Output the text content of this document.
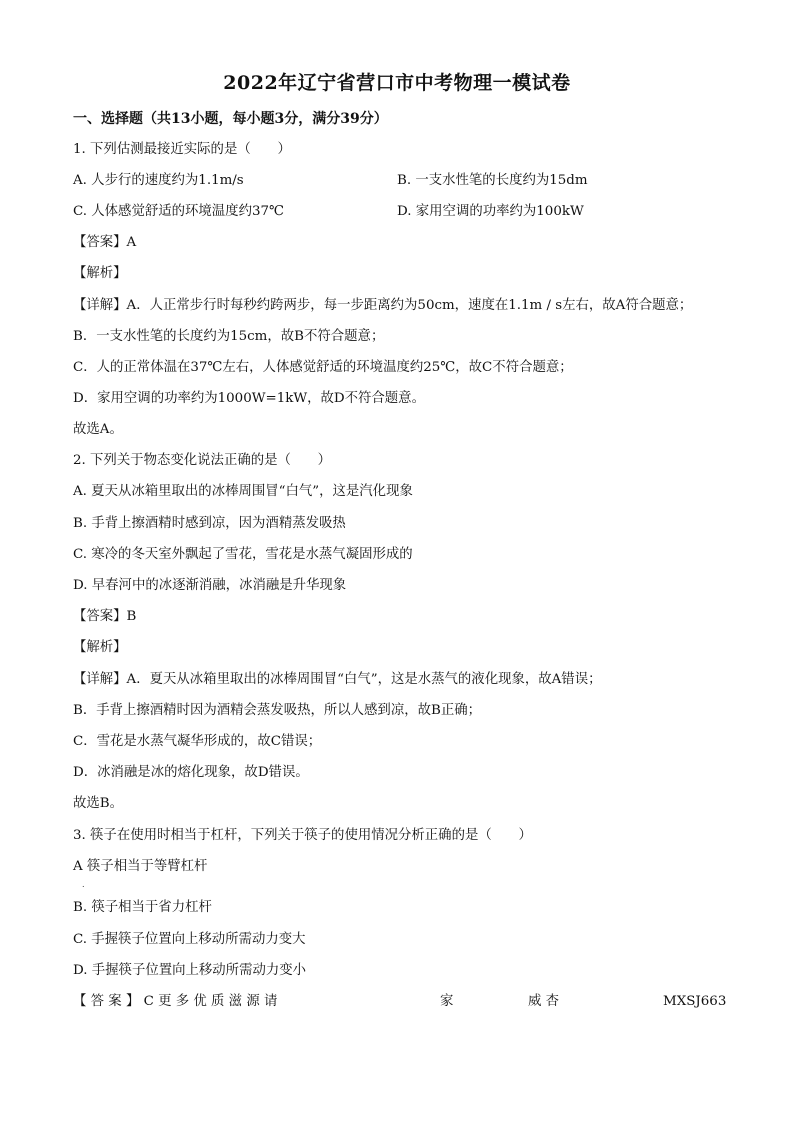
2022年辽宁省营口市中考物理一模试卷
一、选择题（共13小题，每小题3分，满分39分）
1. 下列估测最接近实际的是（　　）
A. 人步行的速度约为1.1m/s	B. 一支水性笔的长度约为15dm
C. 人体感觉舒适的环境温度约37℃	D. 家用空调的功率约为100kW
【答案】A
【解析】
【详解】A．人正常步行时每秒约跨两步，每一步距离约为50cm，速度在1.1m / s左右，故A符合题意；
B．一支水性笔的长度约为15cm，故B不符合题意；
C．人的正常体温在37℃左右，人体感觉舒适的环境温度约25℃，故C不符合题意；
D．家用空调的功率约为1000W=1kW，故D不符合题意。
故选A。
2. 下列关于物态变化说法正确的是（　　）
A. 夏天从冰箱里取出的冰棒周围冒“白气”，这是汽化现象
B. 手背上擦酒精时感到凉，因为酒精蒸发吸热
C. 寒冷的冬天室外飘起了雪花，雪花是水蒸气凝固形成的
D. 早春河中的冰逐渐消融，冰消融是升华现象
【答案】B
【解析】
【详解】A．夏天从冰箱里取出的冰棒周围冒“白气”，这是水蒸气的液化现象，故A错误；
B．手背上擦酒精时因为酒精会蒸发吸热，所以人感到凉，故B正确；
C．雪花是水蒸气凝华形成的，故C错误；
D．冰消融是冰的熔化现象，故D错误。
故选B。
3. 筷子在使用时相当于杠杆，下列关于筷子的使用情况分析正确的是（　　）
A 筷子相当于等臂杠杆
.
B. 筷子相当于省力杠杆
C. 手握筷子位置向上移动所需动力变大
D. 手握筷子位置向上移动所需动力变小
【 答 案 】 C 更 多 优 质 滋 源 请	家	威 杏	MXSJ663
